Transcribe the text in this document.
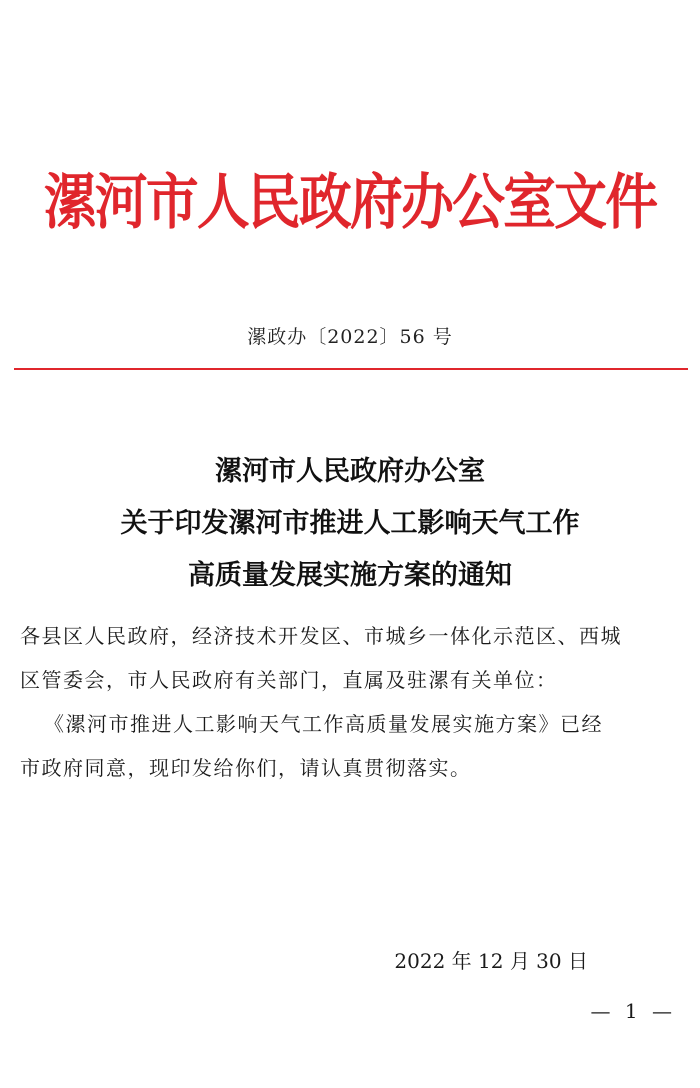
漯河市人民政府办公室文件
漯政办〔2022〕56 号
漯河市人民政府办公室
关于印发漯河市推进人工影响天气工作
高质量发展实施方案的通知
各县区人民政府，经济技术开发区、市城乡一体化示范区、西城
区管委会，市人民政府有关部门，直属及驻漯有关单位：
《漯河市推进人工影响天气工作高质量发展实施方案》已经
市政府同意，现印发给你们，请认真贯彻落实。
2022 年 12 月 30 日
— 1 —
